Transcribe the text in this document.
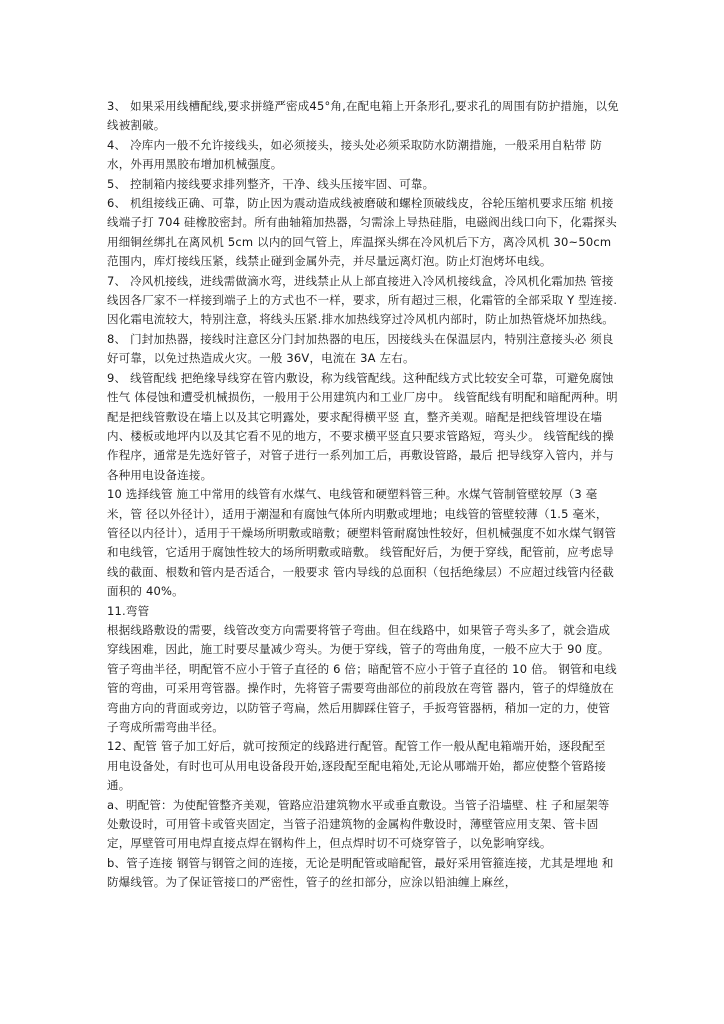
3、 如果采用线槽配线,要求拼缝严密成45°角,在配电箱上开条形孔,要求孔的周围有防护措施，以免线被割破。

4、 冷库内一般不允许接线头，如必须接头，接头处必须采取防水防潮措施，一般采用自粘带 防水，外再用黑胶布增加机械强度。

5、 控制箱内接线要求排列整齐，干净、线头压接牢固、可靠。

6、 机组接线正确、可靠，防止因为震动造成线被磨破和螺栓顶破线皮，谷轮压缩机要求压缩 机接线端子打 704 硅橡胶密封。所有曲轴箱加热器，匀需涂上导热硅脂，电磁阀出线口向下，化霜探头用细铜丝绑扎在离风机 5cm 以内的回气管上，库温探头绑在冷风机后下方，离冷风机 30~50cm 范围内，库灯接线压紧，线禁止碰到金属外壳，并尽量远离灯泡。防止灯泡烤坏电线。

7、 冷风机接线，进线需做滴水弯，进线禁止从上部直接进入冷风机接线盒，冷风机化霜加热 管接线因各厂家不一样接到端子上的方式也不一样，要求，所有超过三根，化霜管的全部采取 Y 型连接.因化霜电流较大，特别注意，将线头压紧.排水加热线穿过冷风机内部时，防止加热管烧坏加热线。

8、 门封加热器，接线时注意区分门封加热器的电压，因接线头在保温层内，特别注意接头必 须良好可靠，以免过热造成火灾。一般 36V，电流在 3A 左右。

9、 线管配线 把绝缘导线穿在管内敷设，称为线管配线。这种配线方式比较安全可靠，可避免腐蚀性气 体侵蚀和遭受机械损伤，一般用于公用建筑内和工业厂房中。 线管配线有明配和暗配两种。明配是把线管敷设在墙上以及其它明露处，要求配得横平竖 直，整齐美观。暗配是把线管埋设在墙内、楼板或地坪内以及其它看不见的地方，不要求横平竖直只要求管路短，弯头少。 线管配线的操作程序，通常是先选好管子，对管子进行一系列加工后，再敷设管路，最后 把导线穿入管内，并与各种用电设备连接。

10 选择线管 施工中常用的线管有水煤气、电线管和硬塑料管三种。水煤气管制管壁较厚（3 毫米，管 径以外径计），适用于潮湿和有腐蚀气体所内明敷或埋地；电线管的管壁较薄（1.5 毫米，管径以内径计），适用于干燥场所明敷或暗敷；硬塑料管耐腐蚀性较好，但机械强度不如水煤气钢管和电线管，它适用于腐蚀性较大的场所明敷或暗敷。 线管配好后，为便于穿线，配管前，应考虑导线的截面、根数和管内是否适合，一般要求 管内导线的总面积（包括绝缘层）不应超过线管内径截面积的 40%。

11.弯管

根据线路敷设的需要，线管改变方向需要将管子弯曲。但在线路中，如果管子弯头多了，就会造成穿线困难，因此，施工时要尽量减少弯头。为便于穿线，管子的弯曲角度，一般不应大于 90 度。管子弯曲半径，明配管不应小于管子直径的 6 倍；暗配管不应小于管子直径的 10 倍。 钢管和电线管的弯曲，可采用弯管器。操作时，先将管子需要弯曲部位的前段放在弯管 器内，管子的焊缝放在弯曲方向的背面或旁边，以防管子弯扁，然后用脚踩住管子，手扳弯管器柄，稍加一定的力，使管子弯成所需弯曲半径。

12、配管 管子加工好后，就可按预定的线路进行配管。配管工作一般从配电箱端开始，逐段配至 用电设备处，有时也可从用电设备段开始,逐段配至配电箱处,无论从哪端开始，都应使整个管路接通。

a、明配管：为使配管整齐美观，管路应沿建筑物水平或垂直敷设。当管子沿墙壁、柱 子和屋架等处敷设时，可用管卡或管夹固定，当管子沿建筑物的金属构件敷设时，薄壁管应用支架、管卡固定，厚壁管可用电焊直接点焊在钢构件上，但点焊时切不可烧穿管子，以免影响穿线。

b、管子连接 钢管与钢管之间的连接，无论是明配管或暗配管，最好采用管箍连接，尤其是埋地 和防爆线管。为了保证管接口的严密性，管子的丝扣部分，应涂以铅油缠上麻丝，
